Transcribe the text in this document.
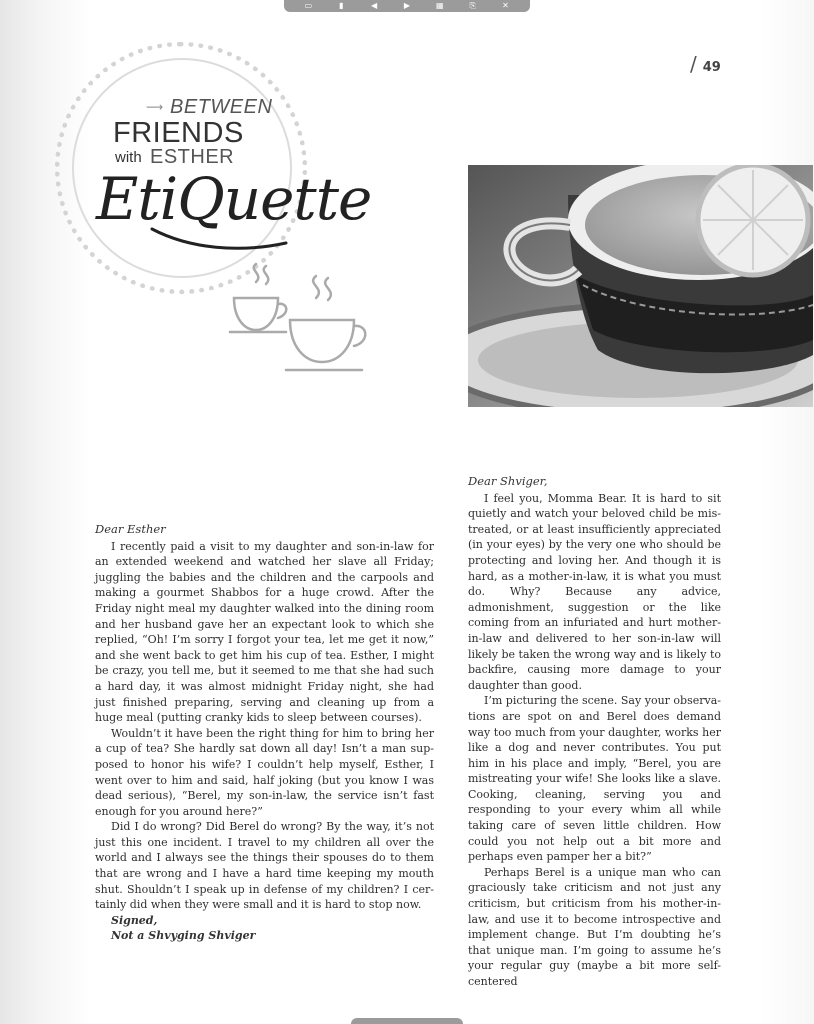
▭	▮	◀	▶	▦	⎘	✕
/ 49
⟶ BETWEEN
FRIENDS
with ESTHER
EtiQuette
Dear Esther

I recently paid a visit to my daughter and son-in-law for an extended weekend and watched her slave all Friday; juggling the babies and the children and the carpools and making a gourmet Shabbos for a huge crowd. After the Friday night meal my daughter walked into the dining room and her husband gave her an expectant look to which she replied, “Oh! I’m sorry I forgot your tea, let me get it now,” and she went back to get him his cup of tea. Esther, I might be crazy, you tell me, but it seemed to me that she had such a hard day, it was almost midnight Friday night, she had just finished preparing, serving and cleaning up from a huge meal (putting cranky kids to sleep between courses).

Wouldn’t it have been the right thing for him to bring her a cup of tea? She hardly sat down all day! Isn’t a man supposed to honor his wife? I couldn’t help myself, Esther, I went over to him and said, half joking (but you know I was dead serious), “Berel, my son-in-law, the service isn’t fast enough for you around here?”

Did I do wrong? Did Berel do wrong? By the way, it’s not just this one incident. I travel to my children all over the world and I always see the things their spouses do to them that are wrong and I have a hard time keeping my mouth shut. Shouldn’t I speak up in defense of my children? I certainly did when they were small and it is hard to stop now.

Signed,
Not a Shvyging Shviger
Dear Shviger,

I feel you, Momma Bear. It is hard to sit quietly and watch your beloved child be mistreated, or at least insufficiently appreciated (in your eyes) by the very one who should be protecting and loving her. And though it is hard, as a mother-in-law, it is what you must do. Why? Because any advice, admonishment, suggestion or the like coming from an infuriated and hurt mother-in-law and delivered to her son-in-law will likely be taken the wrong way and is likely to backfire, causing more damage to your daughter than good.

I’m picturing the scene. Say your observations are spot on and Berel does demand way too much from your daughter, works her like a dog and never contributes. You put him in his place and imply, “Berel, you are mistreating your wife! She looks like a slave. Cooking, cleaning, serving you and responding to your every whim all while taking care of seven little children. How could you not help out a bit more and perhaps even pamper her a bit?”

Perhaps Berel is a unique man who can graciously take criticism and not just any criticism, but criticism from his mother-inlaw, and use it to become introspective and implement change. But I’m doubting he’s that unique man. I’m going to assume he’s your regular guy (maybe a bit more self-centered
